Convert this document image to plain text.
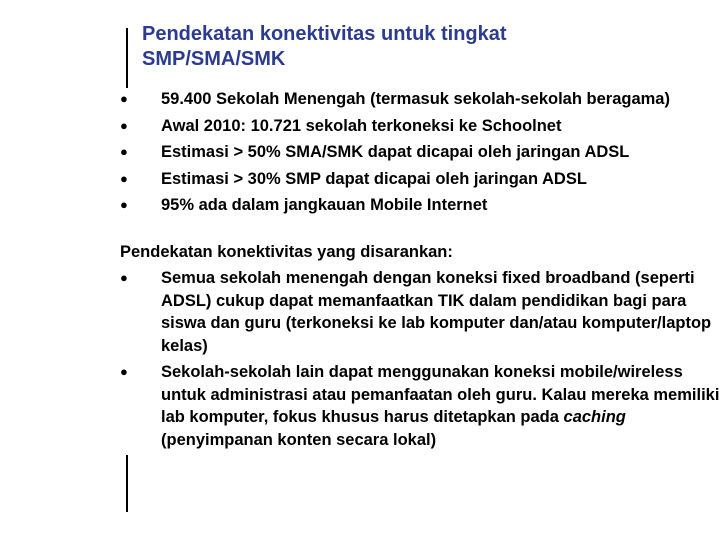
Pendekatan konektivitas untuk tingkat
SMP/SMA/SMK
●	59.400 Sekolah Menengah (termasuk sekolah-sekolah beragama)
●	Awal 2010: 10.721 sekolah terkoneksi ke Schoolnet
●	Estimasi > 50% SMA/SMK dapat dicapai oleh jaringan ADSL
●	Estimasi > 30% SMP dapat dicapai oleh jaringan ADSL
●	95% ada dalam jangkauan Mobile Internet
Pendekatan konektivitas yang disarankan:
●	Semua sekolah menengah dengan koneksi fixed broadband (seperti ADSL) cukup dapat memanfaatkan TIK dalam pendidikan bagi para siswa dan guru (terkoneksi ke lab komputer dan/atau komputer/laptop kelas)
●	Sekolah-sekolah lain dapat menggunakan koneksi mobile/wireless untuk administrasi atau pemanfaatan oleh guru. Kalau mereka memiliki lab komputer, fokus khusus harus ditetapkan pada caching (penyimpanan konten secara lokal)
